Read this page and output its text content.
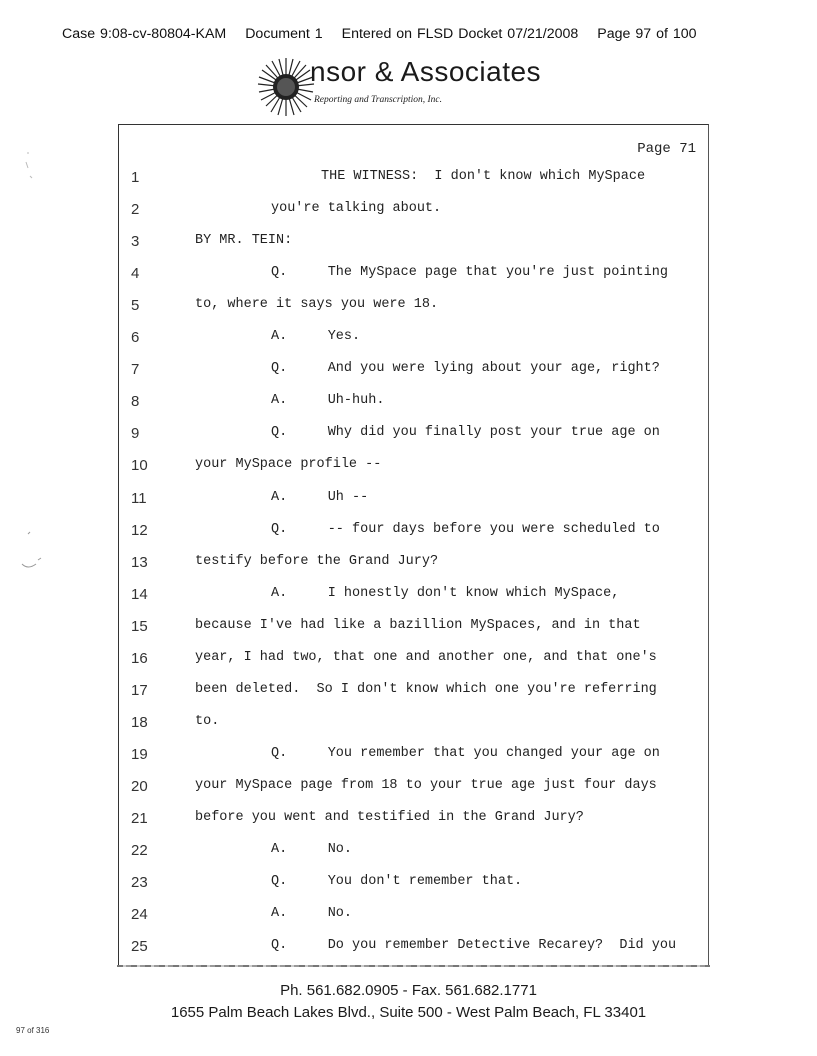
Case 9:08-cv-80804-KAM Document 1 Entered on FLSD Docket 07/21/2008 Page 97 of 100
nsor & Associates
Reporting and Transcription, Inc.
Page 71
1	THE WITNESS:  I don't know which MySpace
2	you're talking about.
3	BY MR. TEIN:
4	Q.     The MySpace page that you're just pointing
5	to, where it says you were 18.
6	A.     Yes.
7	Q.     And you were lying about your age, right?
8	A.     Uh-huh.
9	Q.     Why did you finally post your true age on
10	your MySpace profile --
11	A.     Uh --
12	Q.     -- four days before you were scheduled to
13	testify before the Grand Jury?
14	A.     I honestly don't know which MySpace,
15	because I've had like a bazillion MySpaces, and in that
16	year, I had two, that one and another one, and that one's
17	been deleted.  So I don't know which one you're referring
18	to.
19	Q.     You remember that you changed your age on
20	your MySpace page from 18 to your true age just four days
21	before you went and testified in the Grand Jury?
22	A.     No.
23	Q.     You don't remember that.
24	A.     No.
25	Q.     Do you remember Detective Recarey?  Did you
Ph. 561.682.0905 - Fax. 561.682.1771
1655 Palm Beach Lakes Blvd., Suite 500 - West Palm Beach, FL 33401
97 of 316
